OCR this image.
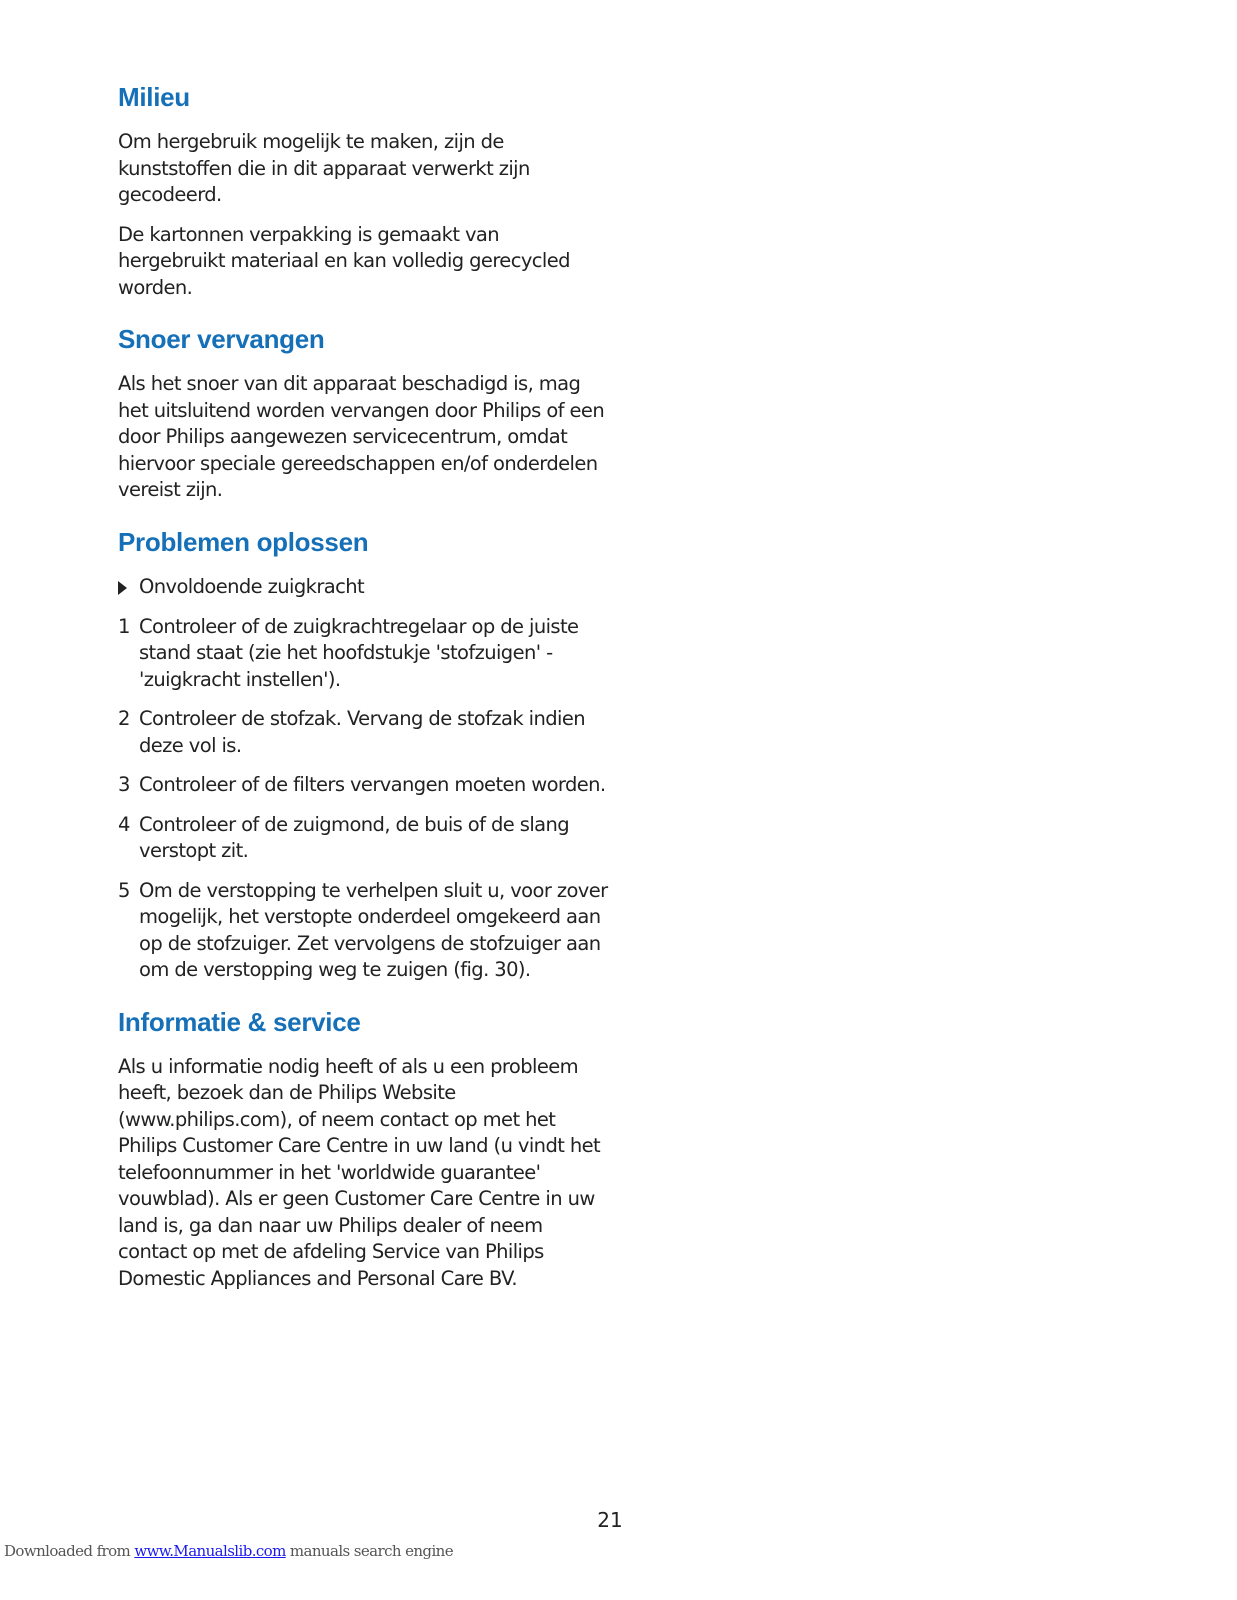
Milieu

Om hergebruik mogelijk te maken, zijn de kunststoffen die in dit apparaat verwerkt zijn gecodeerd.

De kartonnen verpakking is gemaakt van hergebruikt materiaal en kan volledig gerecycled worden.

Snoer vervangen

Als het snoer van dit apparaat beschadigd is, mag het uitsluitend worden vervangen door Philips of een door Philips aangewezen servicecentrum, omdat hiervoor speciale gereedschappen en/of onderdelen vereist zijn.

Problemen oplossen
Onvoldoende zuigkracht
1 Controleer of de zuigkrachtregelaar op de juiste stand staat (zie het hoofdstukje 'stofzuigen' - 'zuigkracht instellen').
2 Controleer de stofzak. Vervang de stofzak indien deze vol is.
3 Controleer of de filters vervangen moeten worden.
4 Controleer of de zuigmond, de buis of de slang verstopt zit.
5 Om de verstopping te verhelpen sluit u, voor zover mogelijk, het verstopte onderdeel omgekeerd aan op de stofzuiger. Zet vervolgens de stofzuiger aan om de verstopping weg te zuigen (fig. 30).
Informatie & service

Als u informatie nodig heeft of als u een probleem heeft, bezoek dan de Philips Website (www.philips.com), of neem contact op met het Philips Customer Care Centre in uw land (u vindt het telefoonnummer in het 'worldwide guarantee' vouwblad). Als er geen Customer Care Centre in uw land is, ga dan naar uw Philips dealer of neem contact op met de afdeling Service van Philips Domestic Appliances and Personal Care BV.

21
Downloaded from www.Manualslib.com manuals search engine
